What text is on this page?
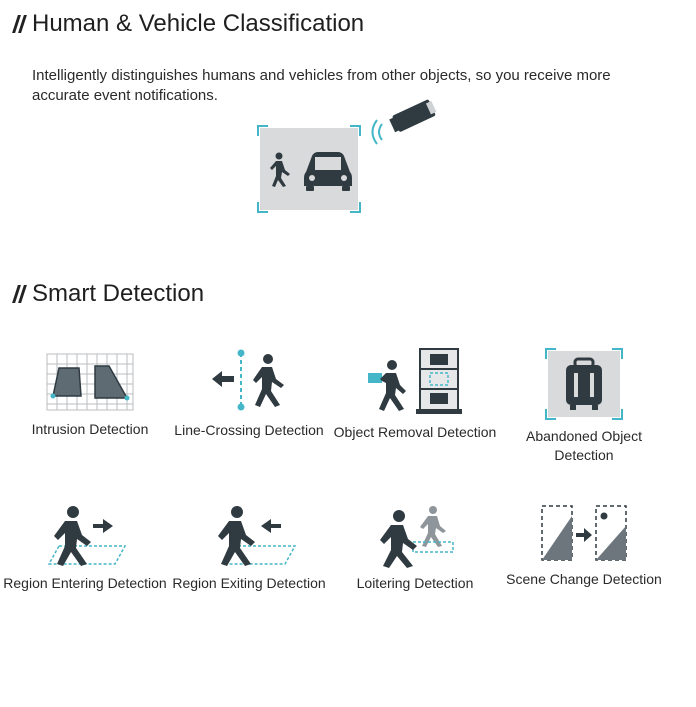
Human & Vehicle Classification

Intelligently distinguishes humans and vehicles from other objects, so you receive more accurate event notifications.

Smart Detection
Intrusion Detection	Line-Crossing Detection Object Removal Detection	Abandoned Object Detection
Region Entering Detection Region Exiting Detection	Loitering Detection	Scene Change Detection
